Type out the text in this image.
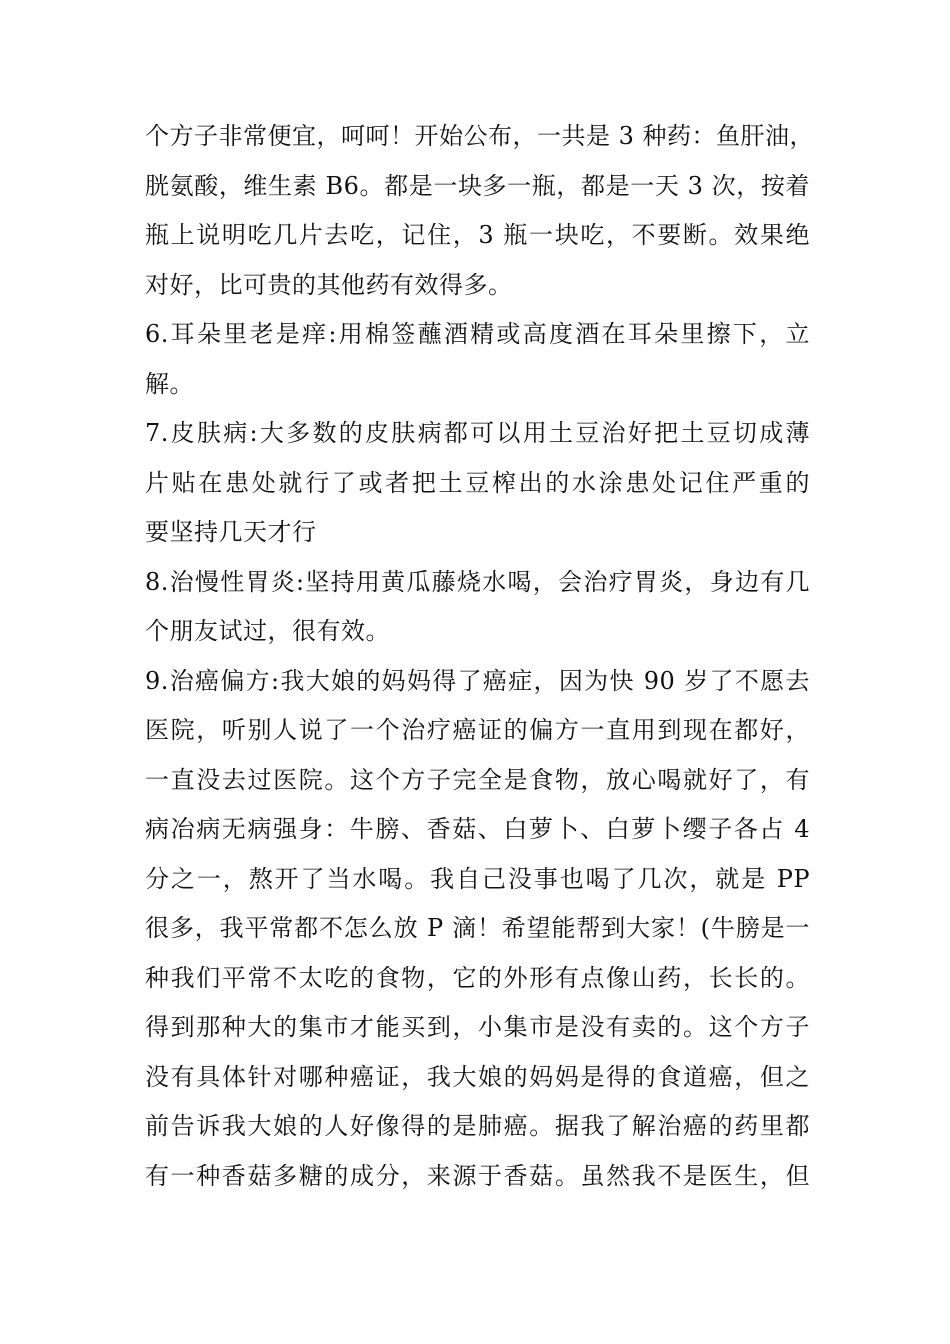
个方子非常便宜，呵呵！开始公布，一共是 3 种药：鱼肝油，
胱氨酸，维生素 B6。都是一块多一瓶，都是一天 3 次，按着
瓶上说明吃几片去吃，记住，3 瓶一块吃，不要断。效果绝
对好，比可贵的其他药有效得多。
6.耳朵里老是痒:用棉签蘸酒精或高度酒在耳朵里擦下，立
解。
7.皮肤病:大多数的皮肤病都可以用土豆治好把土豆切成薄
片贴在患处就行了或者把土豆榨出的水涂患处记住严重的
要坚持几天才行
8.治慢性胃炎:坚持用黄瓜藤烧水喝，会治疗胃炎，身边有几
个朋友试过，很有效。
9.治癌偏方:我大娘的妈妈得了癌症，因为快 90 岁了不愿去
医院，听别人说了一个治疗癌证的偏方一直用到现在都好，
一直没去过医院。这个方子完全是食物，放心喝就好了，有
病冶病无病强身：牛膀、香菇、白萝卜、白萝卜缨子各占 4
分之一，熬开了当水喝。我自己没事也喝了几次，就是 PP
很多，我平常都不怎么放 P 滴！希望能帮到大家！(牛膀是一
种我们平常不太吃的食物，它的外形有点像山药，长长的。
得到那种大的集市才能买到，小集市是没有卖的。这个方子
没有具体针对哪种癌证，我大娘的妈妈是得的食道癌，但之
前告诉我大娘的人好像得的是肺癌。据我了解治癌的药里都
有一种香菇多糖的成分，来源于香菇。虽然我不是医生，但
